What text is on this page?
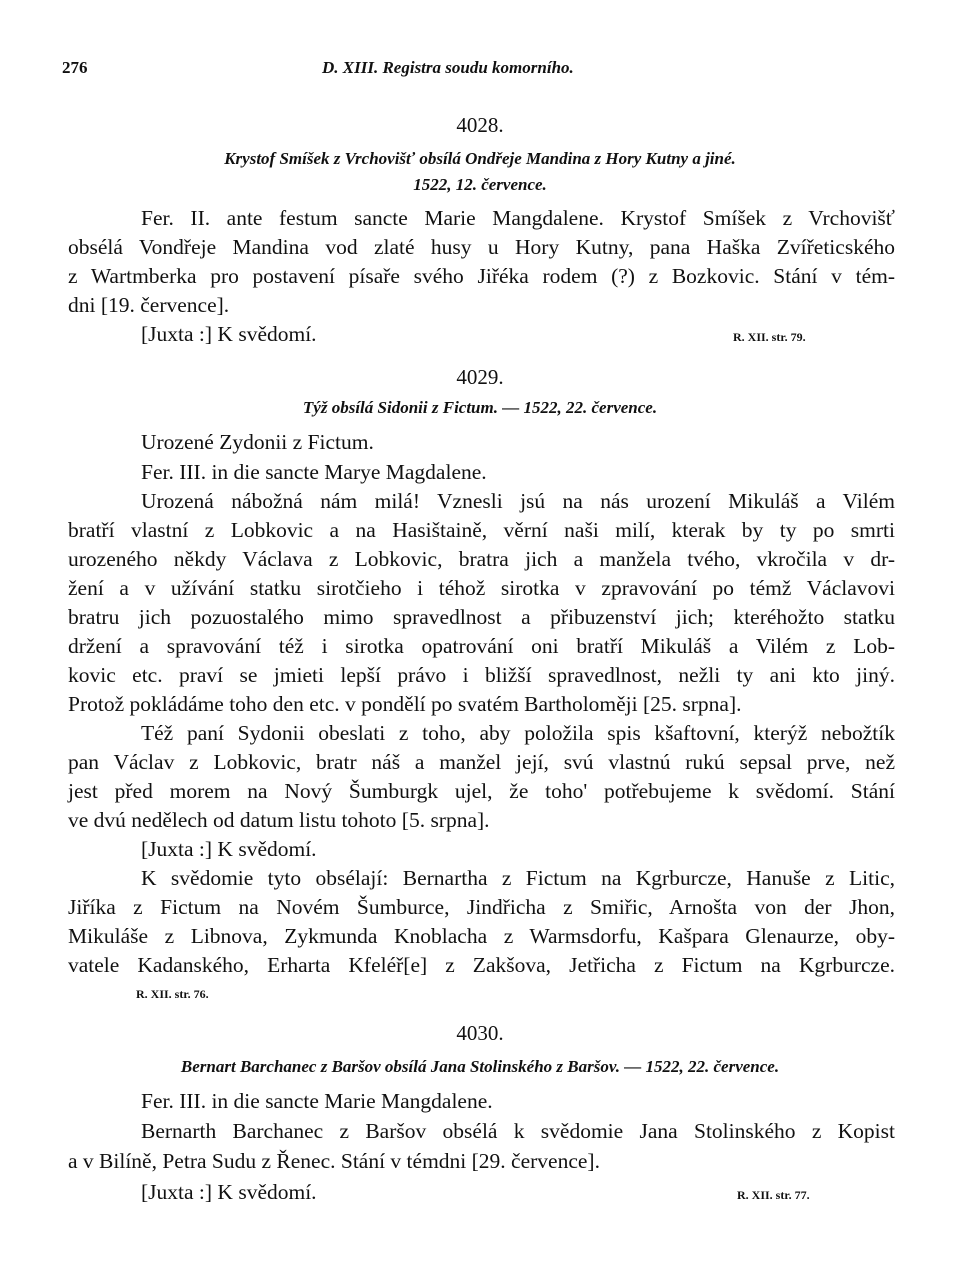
276	D. XIII. Registra soudu komorního.
4028.
Krystof Smíšek z Vrchovišť obsílá Ondřeje Mandina z Hory Kutny a jiné.
1522, 12. července.
Fer. II. ante festum sancte Marie Mangdalene. Krystof Smíšek z Vrchovišť
obsélá Vondřeje Mandina vod zlaté husy u Hory Kutny, pana Haška Zvířeticského
z Wartmberka pro postavení písaře svého Jiřéka rodem (?) z Bozkovic. Stání v tém-
dni [19. července].
[Juxta :] K svědomí.	R. XII. str. 79.
4029.
Týž obsílá Sidonii z Fictum. — 1522, 22. července.
Urozené Zydonii z Fictum.
Fer. III. in die sancte Marye Magdalene.
Urozená nábožná nám milá! Vznesli jsú na nás urození Mikuláš a Vilém
bratří vlastní z Lobkovic a na Hasištaině, věrní naši milí, kterak by ty po smrti
urozeného někdy Václava z Lobkovic, bratra jich a manžela tvého, vkročila v dr-
žení a v užívání statku sirotčieho i téhož sirotka v zpravování po témž Václavovi
bratru jich pozuostalého mimo spravedlnost a přibuzenství jich; kteréhožto statku
držení a spravování též i sirotka opatrování oni bratří Mikuláš a Vilém z Lob-
kovic etc. praví se jmieti lepší právo i bližší spravedlnost, nežli ty ani kto jiný.
Protož pokládáme toho den etc. v pondělí po svatém Bartholoměji [25. srpna].
Též paní Sydonii obeslati z toho, aby položila spis kšaftovní, kterýž nebožtík
pan Václav z Lobkovic, bratr náš a manžel její, svú vlastnú rukú sepsal prve, než
jest před morem na Nový Šumburgk ujel, že toho' potřebujeme k svědomí. Stání
ve dvú nedělech od datum listu tohoto [5. srpna].
[Juxta :] K svědomí.
K svědomie tyto obsélají: Bernartha z Fictum na Kgrburcze, Hanuše z Litic,
Jiříka z Fictum na Novém Šumburce, Jindřicha z Smiřic, Arnošta von der Jhon,
Mikuláše z Libnova, Zykmunda Knoblacha z Warmsdorfu, Kašpara Glenaurze, oby-
vatele Kadanského, Erharta Kfeléř[e] z Zakšova, Jetřicha z Fictum na Kgrburcze.
R. XII. str. 76.
4030.
Bernart Barchanec z Baršov obsílá Jana Stolinského z Baršov. — 1522, 22. července.
Fer. III. in die sancte Marie Mangdalene.
Bernarth Barchanec z Baršov obsélá k svědomie Jana Stolinského z Kopist
a v Bilíně, Petra Sudu z Řenec. Stání v témdni [29. července].
[Juxta :] K svědomí.	R. XII. str. 77.
